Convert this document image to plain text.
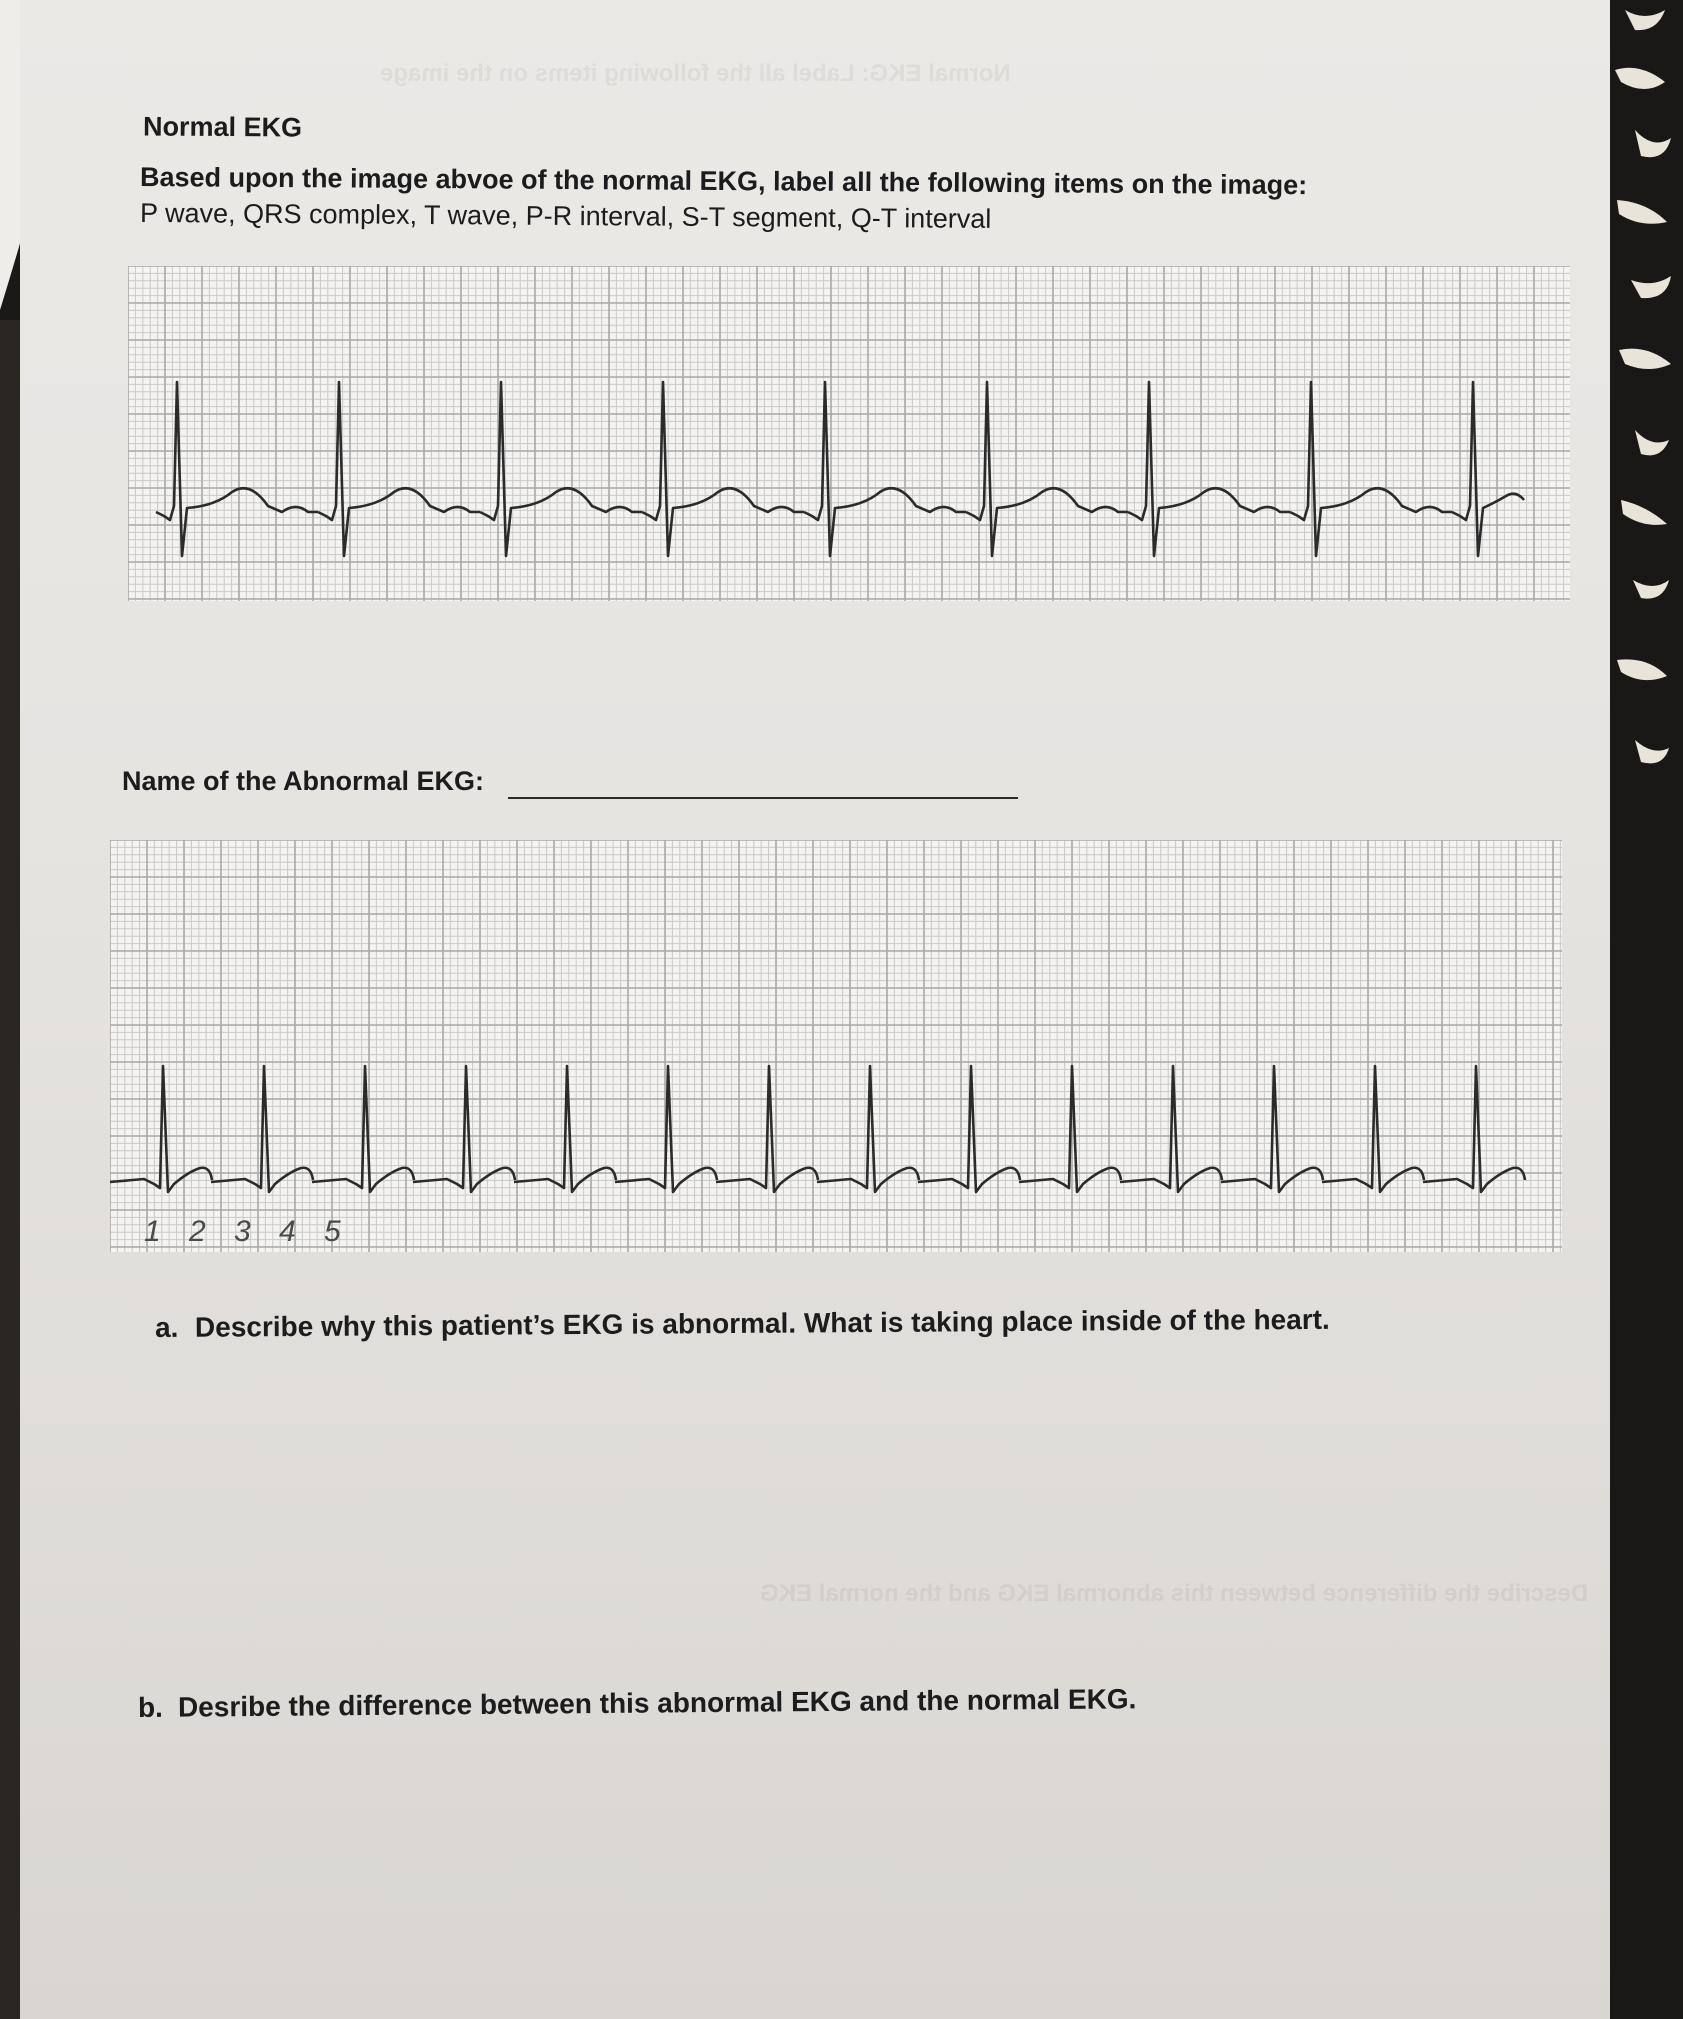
Normal EKG: Label all the following items on the image
Describe the difference between this abnormal EKG and the normal EKG
Normal EKG
Based upon the image abvoe of the normal EKG, label all the following items on the image:
P wave, QRS complex, T wave, P-R interval, S-T segment, Q-T interval
Name of the Abnormal EKG:
1 2 3 4 5
a. Describe why this patient’s EKG is abnormal. What is taking place inside of the heart.
b. Desribe the difference between this abnormal EKG and the normal EKG.
